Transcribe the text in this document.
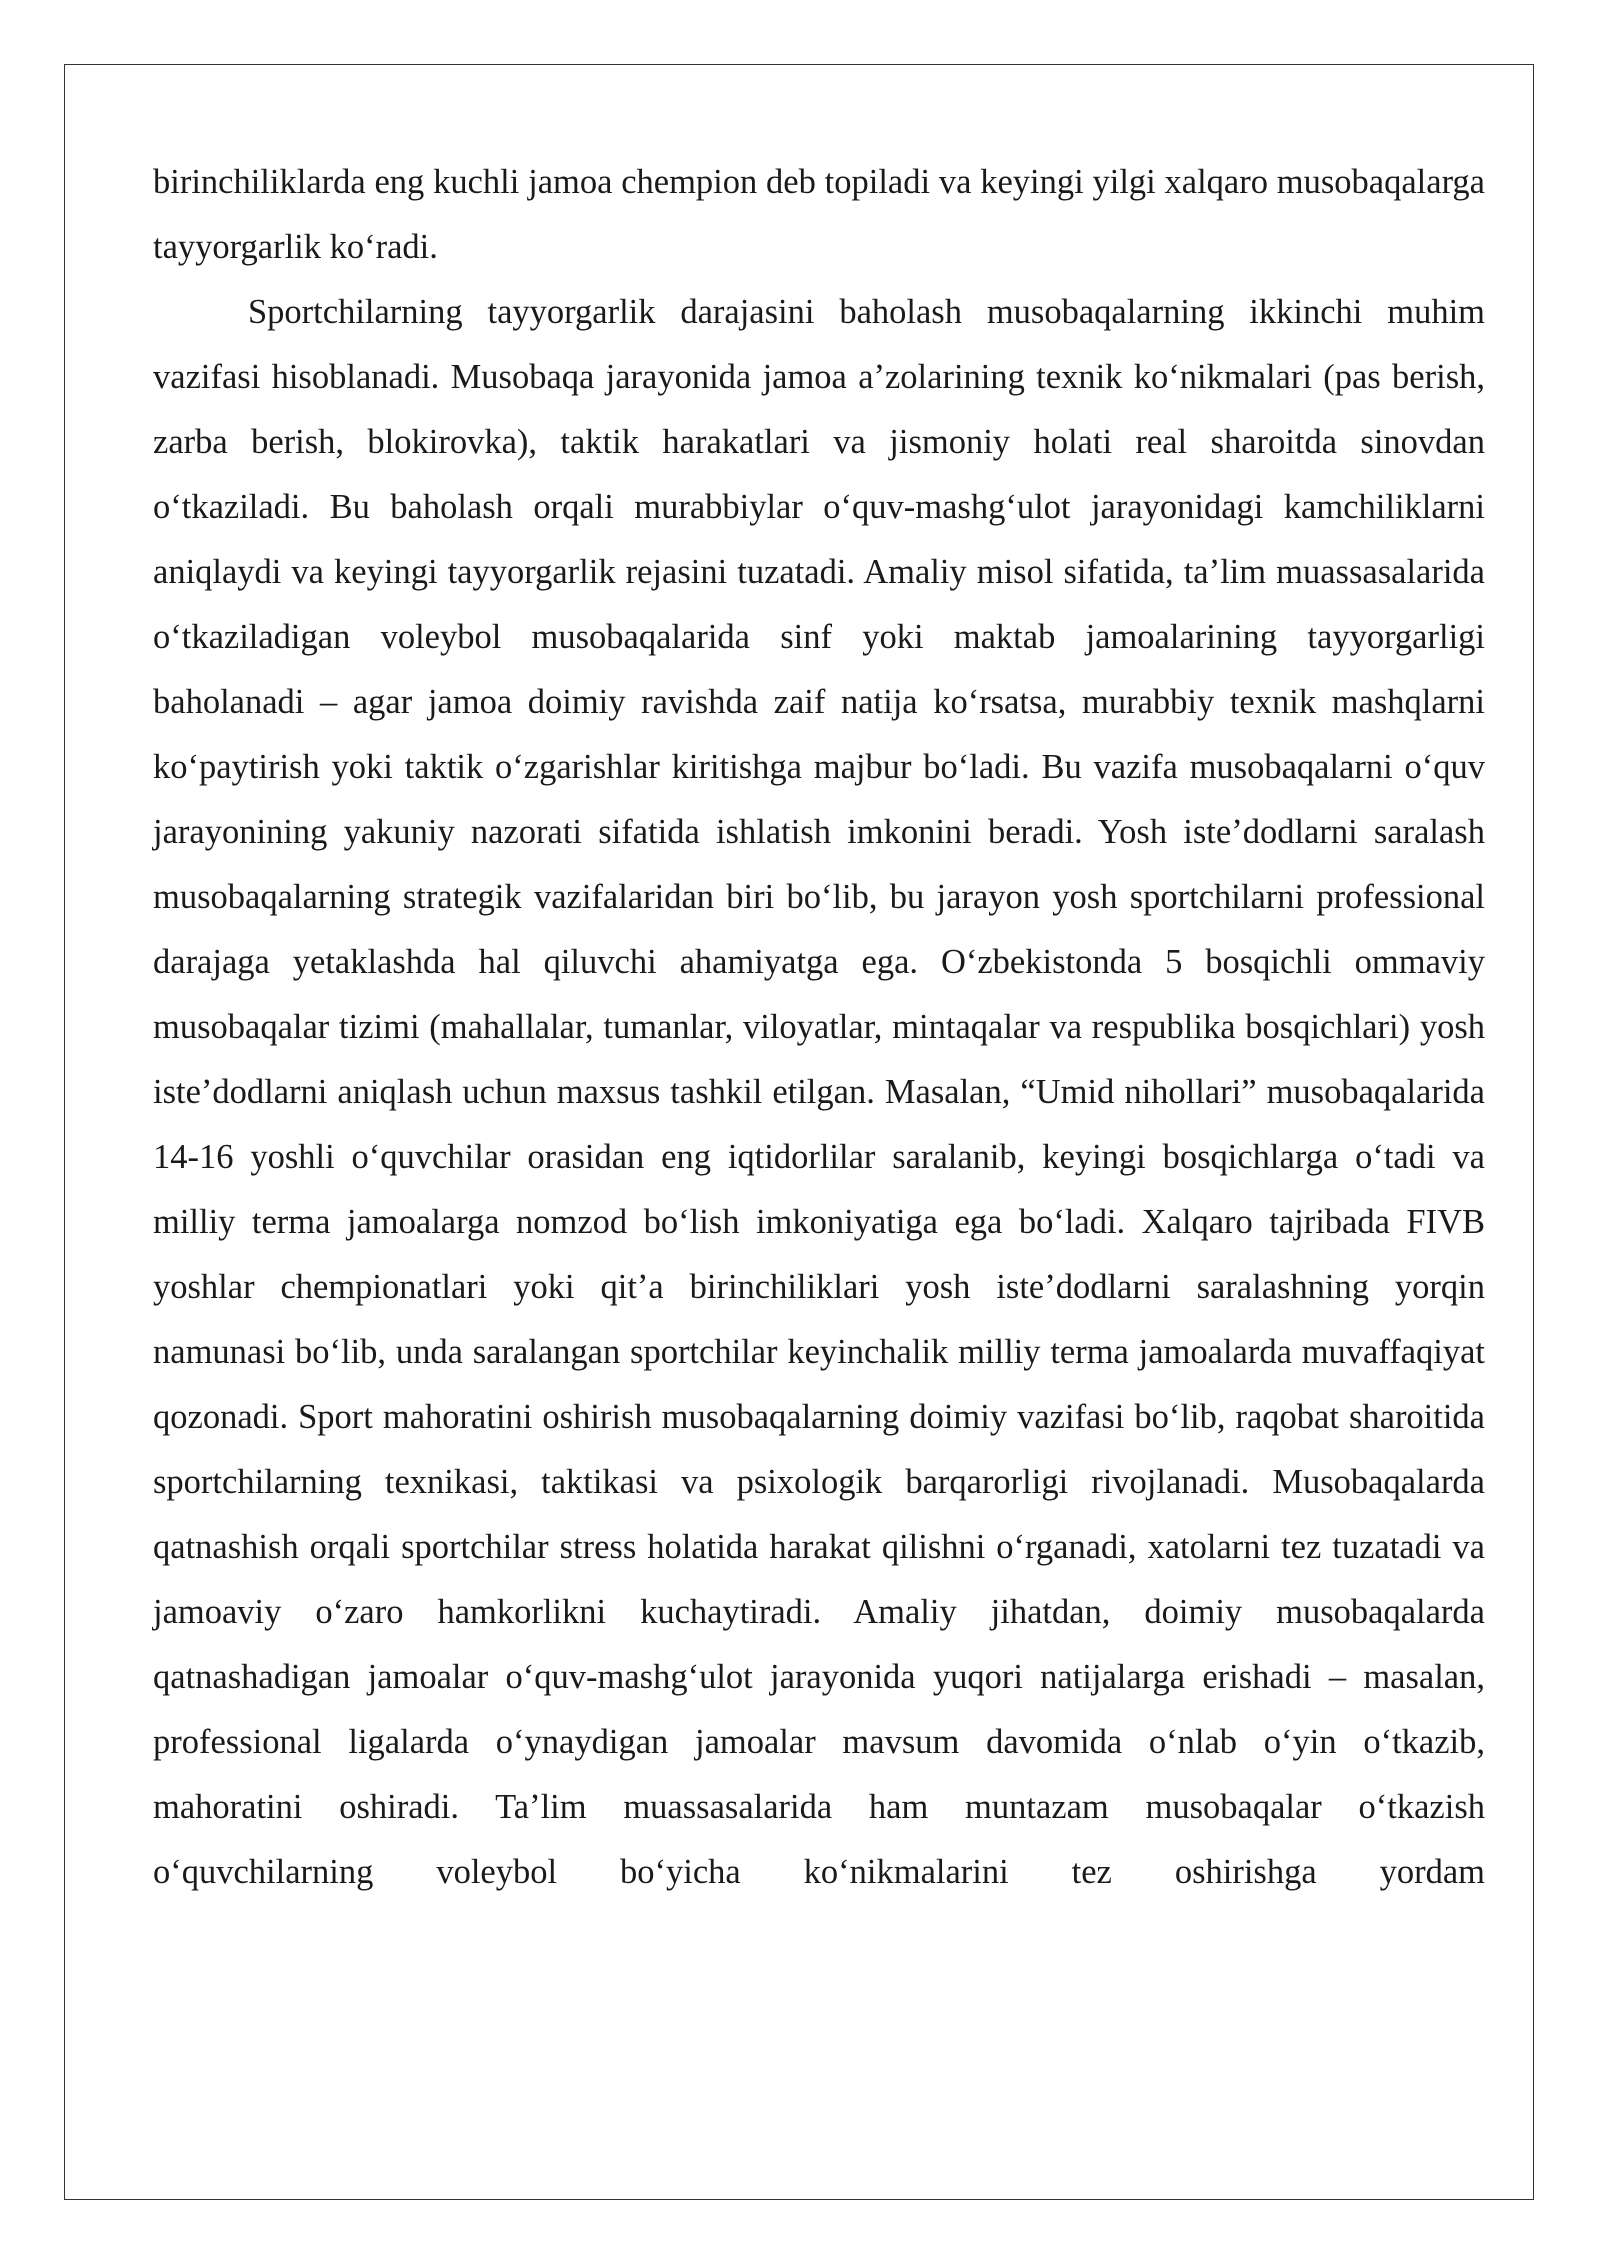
birinchiliklarda eng kuchli jamoa chempion deb topiladi va keyingi yilgi xalqaro musobaqalarga tayyorgarlik koʻradi.

Sportchilarning tayyorgarlik darajasini baholash musobaqalarning ikkinchi muhim vazifasi hisoblanadi. Musobaqa jarayonida jamoa aʼzolarining texnik koʻnikmalari (pas berish, zarba berish, blokirovka), taktik harakatlari va jismoniy holati real sharoitda sinovdan oʻtkaziladi. Bu baholash orqali murabbiylar oʻquv-mashgʻulot jarayonidagi kamchiliklarni aniqlaydi va keyingi tayyorgarlik rejasini tuzatadi. Amaliy misol sifatida, taʼlim muassasalarida oʻtkaziladigan voleybol musobaqalarida sinf yoki maktab jamoalarining tayyorgarligi baholanadi – agar jamoa doimiy ravishda zaif natija koʻrsatsa, murabbiy texnik mashqlarni koʻpaytirish yoki taktik oʻzgarishlar kiritishga majbur boʻladi. Bu vazifa musobaqalarni oʻquv jarayonining yakuniy nazorati sifatida ishlatish imkonini beradi. Yosh isteʼdodlarni saralash musobaqalarning strategik vazifalaridan biri boʻlib, bu jarayon yosh sportchilarni professional darajaga yetaklashda hal qiluvchi ahamiyatga ega. Oʻzbekistonda 5 bosqichli ommaviy musobaqalar tizimi (mahallalar, tumanlar, viloyatlar, mintaqalar va respublika bosqichlari) yosh isteʼdodlarni aniqlash uchun maxsus tashkil etilgan. Masalan, “Umid nihollari” musobaqalarida 14-16 yoshli oʻquvchilar orasidan eng iqtidorlilar saralanib, keyingi bosqichlarga oʻtadi va milliy terma jamoalarga nomzod boʻlish imkoniyatiga ega boʻladi. Xalqaro tajribada FIVB yoshlar chempionatlari yoki qitʼa birinchiliklari yosh isteʼdodlarni saralashning yorqin namunasi boʻlib, unda saralangan sportchilar keyinchalik milliy terma jamoalarda muvaffaqiyat qozonadi. Sport mahoratini oshirish musobaqalarning doimiy vazifasi boʻlib, raqobat sharoitida sportchilarning texnikasi, taktikasi va psixologik barqarorligi rivojlanadi. Musobaqalarda qatnashish orqali sportchilar stress holatida harakat qilishni oʻrganadi, xatolarni tez tuzatadi va jamoaviy oʻzaro hamkorlikni kuchaytiradi. Amaliy jihatdan, doimiy musobaqalarda qatnashadigan jamoalar oʻquv-mashgʻulot jarayonida yuqori natijalarga erishadi – masalan, professional ligalarda oʻynaydigan jamoalar mavsum davomida oʻnlab oʻyin oʻtkazib, mahoratini oshiradi. Taʼlim muassasalarida ham muntazam musobaqalar oʻtkazish oʻquvchilarning voleybol boʻyicha koʻnikmalarini tez oshirishga yordam
